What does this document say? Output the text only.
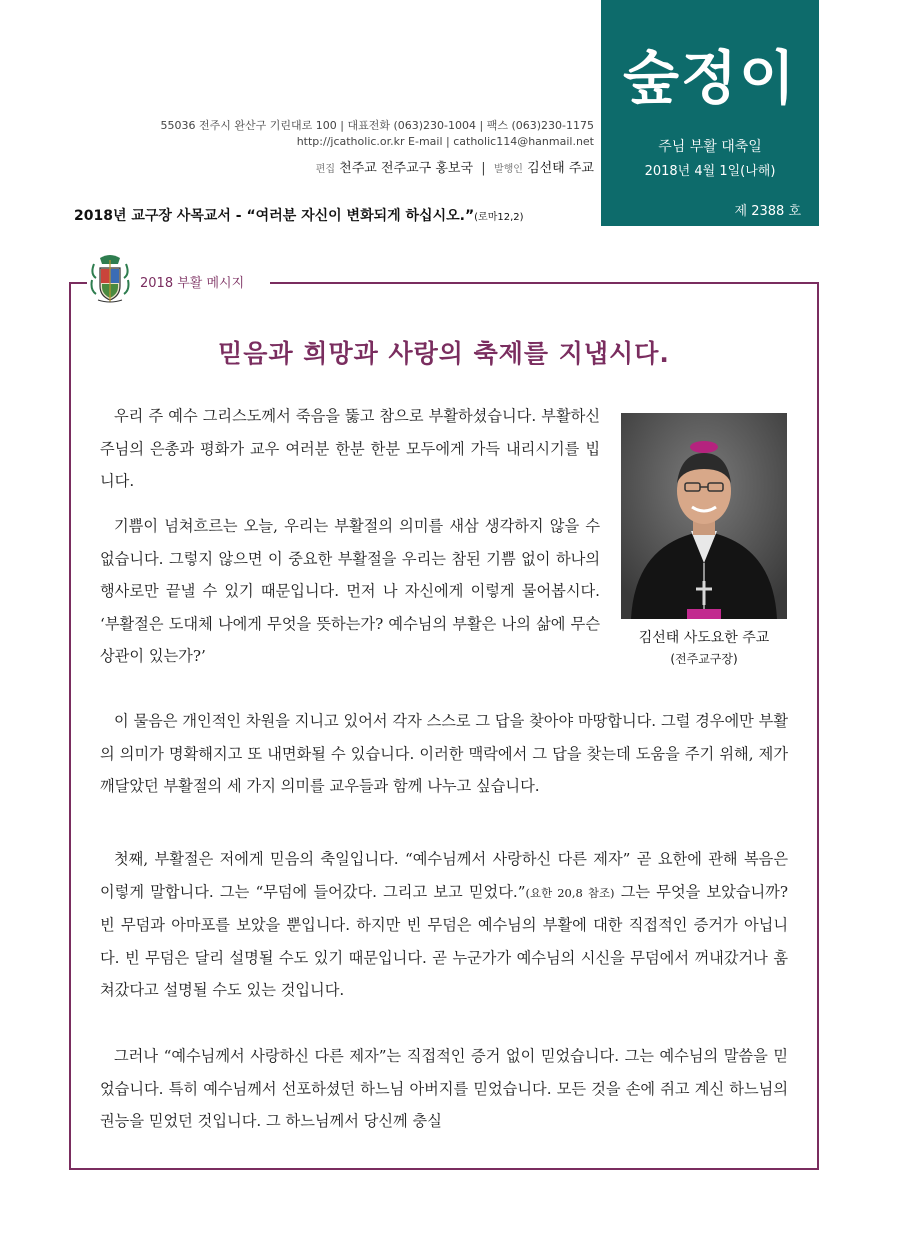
숲정이
주님 부활 대축일
2018년 4월 1일(나해)
제 2388 호
55036 전주시 완산구 기린대로 100 | 대표전화 (063)230-1004 | 팩스 (063)230-1175
http://jcatholic.or.kr E-mail | catholic114@hanmail.net
편집 천주교 전주교구 홍보국 | 발행인 김선태 주교
2018년 교구장 사목교서 - “여러분 자신이 변화되게 하십시오.”(로마12,2)
2018 부활 메시지
믿음과 희망과 사랑의 축제를 지냅시다.
김선태 사도요한 주교
(전주교구장)
우리 주 예수 그리스도께서 죽음을 뚫고 참으로 부활하셨습니다. 부활하신 주님의 은총과 평화가 교우 여러분 한분 한분 모두에게 가득 내리시기를 빕니다.
기쁨이 넘쳐흐르는 오늘, 우리는 부활절의 의미를 새삼 생각하지 않을 수 없습니다. 그렇지 않으면 이 중요한 부활절을 우리는 참된 기쁨 없이 하나의 행사로만 끝낼 수 있기 때문입니다. 먼저 나 자신에게 이렇게 물어봅시다. ‘부활절은 도대체 나에게 무엇을 뜻하는가? 예수님의 부활은 나의 삶에 무슨 상관이 있는가?’
이 물음은 개인적인 차원을 지니고 있어서 각자 스스로 그 답을 찾아야 마땅합니다. 그럴 경우에만 부활의 의미가 명확해지고 또 내면화될 수 있습니다. 이러한 맥락에서 그 답을 찾는데 도움을 주기 위해, 제가 깨달았던 부활절의 세 가지 의미를 교우들과 함께 나누고 싶습니다.
첫째, 부활절은 저에게 믿음의 축일입니다. “예수님께서 사랑하신 다른 제자” 곧 요한에 관해 복음은 이렇게 말합니다. 그는 “무덤에 들어갔다. 그리고 보고 믿었다.”(요한 20,8 참조) 그는 무엇을 보았습니까? 빈 무덤과 아마포를 보았을 뿐입니다. 하지만 빈 무덤은 예수님의 부활에 대한 직접적인 증거가 아닙니다. 빈 무덤은 달리 설명될 수도 있기 때문입니다. 곧 누군가가 예수님의 시신을 무덤에서 꺼내갔거나 훔쳐갔다고 설명될 수도 있는 것입니다.
그러나 “예수님께서 사랑하신 다른 제자”는 직접적인 증거 없이 믿었습니다. 그는 예수님의 말씀을 믿었습니다. 특히 예수님께서 선포하셨던 하느님 아버지를 믿었습니다. 모든 것을 손에 쥐고 계신 하느님의 권능을 믿었던 것입니다. 그 하느님께서 당신께 충실
